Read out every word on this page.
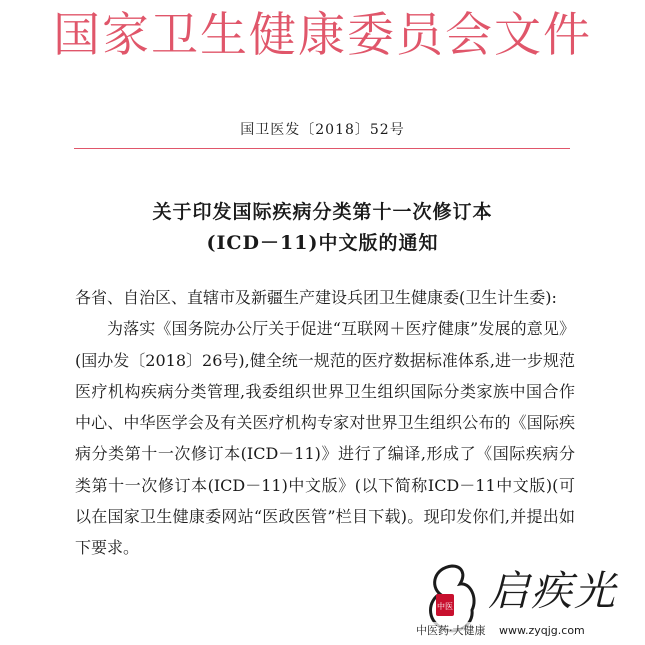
国家卫生健康委员会文件
国卫医发〔2018〕52号
关于印发国际疾病分类第十一次修订本
(ICD－11)中文版的通知

各省、自治区、直辖市及新疆生产建设兵团卫生健康委(卫生计生委):

为落实《国务院办公厅关于促进“互联网＋医疗健康”发展的意见》(国办发〔2018〕26号),健全统一规范的医疗数据标准体系,进一步规范医疗机构疾病分类管理,我委组织世界卫生组织国际分类家族中国合作中心、中华医学会及有关医疗机构专家对世界卫生组织公布的《国际疾病分类第十一次修订本(ICD－11)》进行了编译,形成了《国际疾病分类第十一次修订本(ICD－11)中文版》(以下简称ICD－11中文版)(可以在国家卫生健康委网站“医政医管”栏目下载)。现印发你们,并提出如下要求。

中医 启疾光
中医药·大健康 www.zyqjg.com
